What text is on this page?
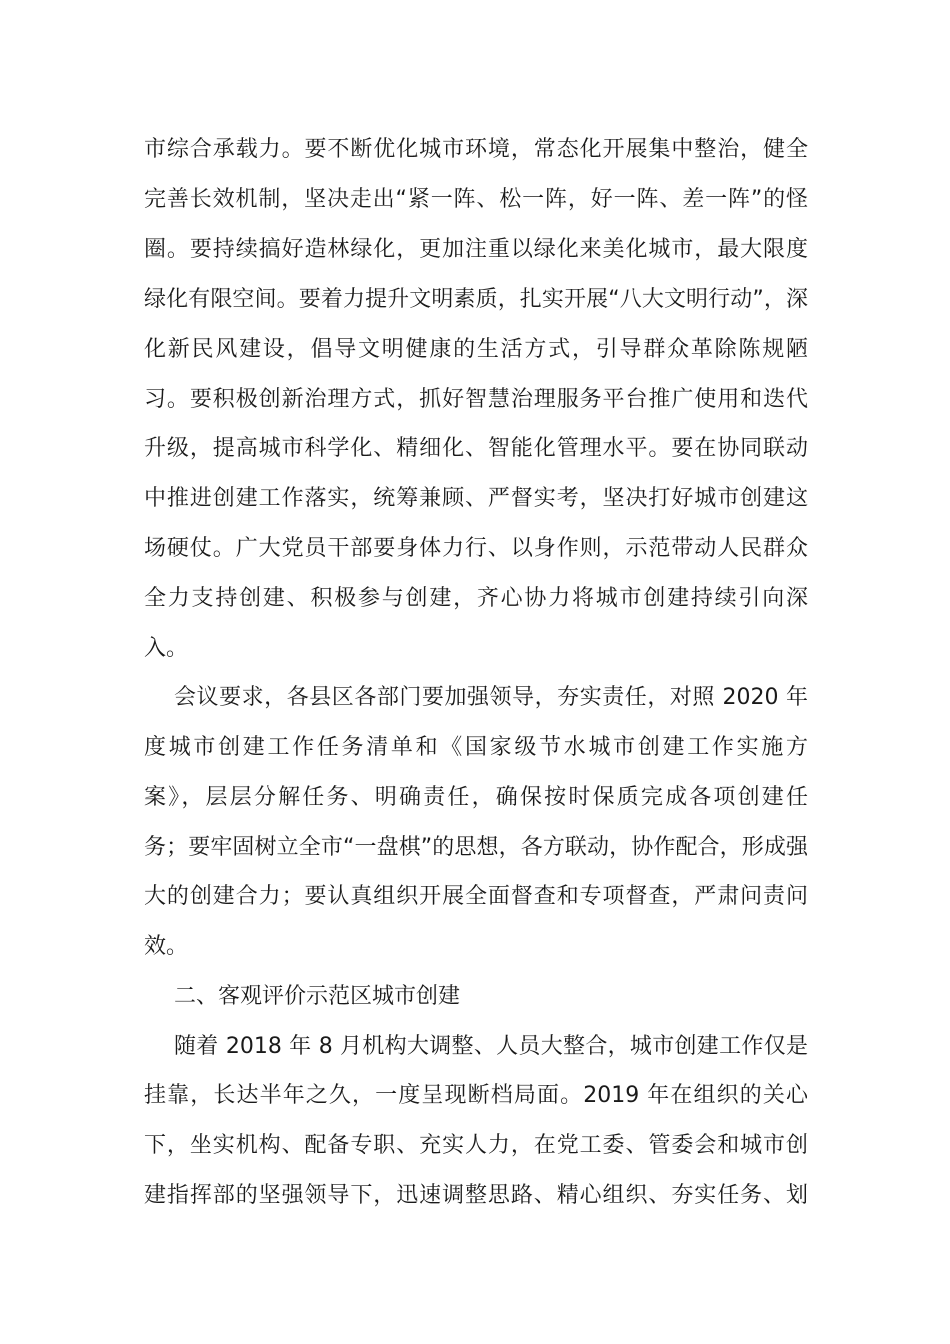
市综合承载力。要不断优化城市环境，常态化开展集中整治，健全
完善长效机制，坚决走出“紧一阵、松一阵，好一阵、差一阵”的怪
圈。要持续搞好造林绿化，更加注重以绿化来美化城市，最大限度
绿化有限空间。要着力提升文明素质，扎实开展“八大文明行动”，深
化新民风建设，倡导文明健康的生活方式，引导群众革除陈规陋
习。要积极创新治理方式，抓好智慧治理服务平台推广使用和迭代
升级，提高城市科学化、精细化、智能化管理水平。要在协同联动
中推进创建工作落实，统筹兼顾、严督实考，坚决打好城市创建这
场硬仗。广大党员干部要身体力行、以身作则，示范带动人民群众
全力支持创建、积极参与创建，齐心协力将城市创建持续引向深
入。
会议要求，各县区各部门要加强领导，夯实责任，对照 2020 年
度城市创建工作任务清单和《国家级节水城市创建工作实施方
案》，层层分解任务、明确责任，确保按时保质完成各项创建任
务；要牢固树立全市“一盘棋”的思想，各方联动，协作配合，形成强
大的创建合力；要认真组织开展全面督查和专项督查，严肃问责问
效。
二、客观评价示范区城市创建
随着 2018 年 8 月机构大调整、人员大整合，城市创建工作仅是
挂靠，长达半年之久，一度呈现断档局面。2019 年在组织的关心
下，坐实机构、配备专职、充实人力，在党工委、管委会和城市创
建指挥部的坚强领导下，迅速调整思路、精心组织、夯实任务、划
